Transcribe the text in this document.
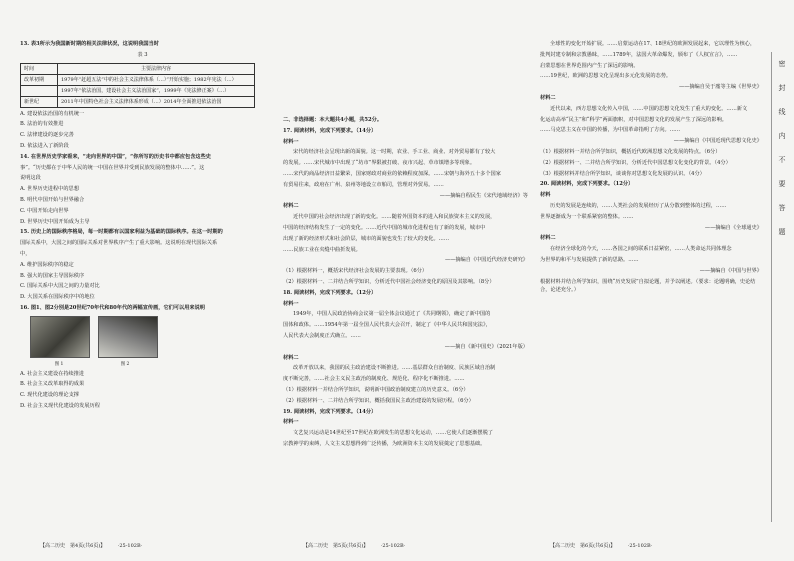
13. 表3所示为我国新时期的相关法律状况，这说明我国当时

表 3

时间	主要法律内容
改革初期	1979年“赶超五法”中的社会主义法律体系（…）”开始实施；1982年宪法（…）
	1997年“依法治国，建设社会主义法治国家”，1999年《宪法修正案》（…）
新世纪	2011年中国特色社会主义法律体系形成（…）2014年全面推进依法治国

A. 建设依法治国的有机统一

B. 法治的有效推进

C. 法律建设的逐步完善

D. 依法进入了新阶段

14. 在世界历史学家看来，“走向世界的中国”，“你所写的历史书中都应包含这些史

事”。“历史都在于中华人民的统一中国在世界并受到民族发展的整体中……”。这

说明这段

A. 世界历史进程中的思想

B. 明代中国开始与世界融合

C. 中国开始走向世界

D. 世界历史中国开始成为主导

15. 历史上的国际秩序格局，每一时期都有以国家利益为基础的国际秩序。在这一时期的

国际关系中，大国之间的国际关系对世界秩序产生了重大影响。这说明在现代国际关系

中，

A. 维护国际秩序的稳定

B. 强大的国家主导国际秩序

C. 国际关系中大国之间的力量对比

D. 大国关系在国际秩序中的地位

16. 图1、图2分别是20世纪70年代和80年代的两幅宣传画，它们可以用来说明

图 1	图 2

A. 社会主义建设在持续推进

B. 社会主义改革取得的成果

C. 现代化建设的理论支撑

D. 社会主义现代化建设的发展历程

【高二历史　第4页(共6页)】　　　·25-102B·

二、非选择题：本大题共4小题，共52分。

17. 阅读材料，完成下列要求。（14分）

材料一

宋代的经济社会呈现出新的面貌。这一时期，农业、手工业、商业、对外贸易都有了较大

的发展。……宋代城市中出现了“坊市”界限被打破、夜市兴起、草市镇增多等现象。

……宋代的商品经济日益繁荣，国家财政对商业的依赖程度加深。……宋朝与海外五十多个国家

有贸易往来，政府在广州、泉州等地设立市舶司，管理对外贸易。……

——摘编自程民生《宋代地域经济》等

材料二

近代中国的社会经济出现了新的变化。……随着外国资本的进入和民族资本主义的发展，

中国的经济结构发生了一定的变化。……近代中国的城市化进程也有了新的发展，城市中

出现了新的经济形式和社会阶层，城市的面貌也发生了较大的变化。……

……民族工业在夹缝中曲折发展。

——摘编自《中国近代经济史研究》

（1）根据材料一，概括宋代经济社会发展的主要表现。（6分）

（2）根据材料一、二并结合所学知识，分析近代中国社会经济变化的原因及其影响。（8分）

18. 阅读材料，完成下列要求。（12分）

材料一

1949年，中国人民政治协商会议第一届全体会议通过了《共同纲领》，确定了新中国的

国体和政体。……1954年第一届全国人民代表大会召开，制定了《中华人民共和国宪法》，

人民代表大会制度正式确立。……

——摘自《新中国史》（2021年版）

材料二

改革开放以来，我国的民主政治建设不断推进。……基层群众自治制度、民族区域自治制

度不断完善，……社会主义民主政治的制度化、规范化、程序化不断推进。……

（1）根据材料一并结合所学知识，说明新中国政治制度建立的历史意义。（6分）

（2）根据材料一、二并结合所学知识，概括我国民主政治建设的发展历程。（6分）

19. 阅读材料，完成下列要求。（14分）

材料一

文艺复兴运动是14世纪至17世纪在欧洲发生的思想文化运动，……它使人们逐渐摆脱了

宗教神学的束缚，人文主义思想得到广泛传播，为欧洲资本主义的发展奠定了思想基础。

【高二历史　第5页(共6页)】　　　·25-102B·

全球性的变化开始扩展。……启蒙运动在17、18世纪的欧洲发展起来，它以理性为核心，

批判封建专制和宗教愚昧，……1789年，法国大革命爆发，颁布了《人权宣言》，……

启蒙思想在世界范围内产生了深远的影响。

……19世纪，欧洲的思想文化呈现出多元化发展的态势。

——摘编自吴于廑等主编《世界史》

材料二

近代以来，西方思想文化传入中国，……中国的思想文化发生了重大的变化。……新文

化运动高举“民主”和“科学”两面旗帜，对中国思想文化的发展产生了深远的影响。

……马克思主义在中国的传播，为中国革命指明了方向。……

——摘编自《中国近现代思想文化史》

（1）根据材料一并结合所学知识，概括近代欧洲思想文化发展的特点。（6分）

（2）根据材料一、二并结合所学知识，分析近代中国思想文化变化的背景。（4分）

（3）根据材料并结合所学知识，谈谈你对思想文化发展的认识。（4分）

20. 阅读材料，完成下列要求。（12分）

材料

历史的发展是连续的，……人类社会的发展经历了从分散到整体的过程，……

世界逐渐成为一个联系紧密的整体。……

——摘编自《全球通史》

材料二

在经济全球化的今天，……各国之间的联系日益紧密，……人类命运共同体理念

为世界的和平与发展提供了新的思路。……

——摘编自《中国与世界》

根据材料并结合所学知识，围绕“历史发展”自拟论题，并予以阐述。（要求：论题明确，史论结合，论述充分。）

【高二历史　第6页(共6页)】　　　·25-102B·
密
封
线
内
不
要
答
题
